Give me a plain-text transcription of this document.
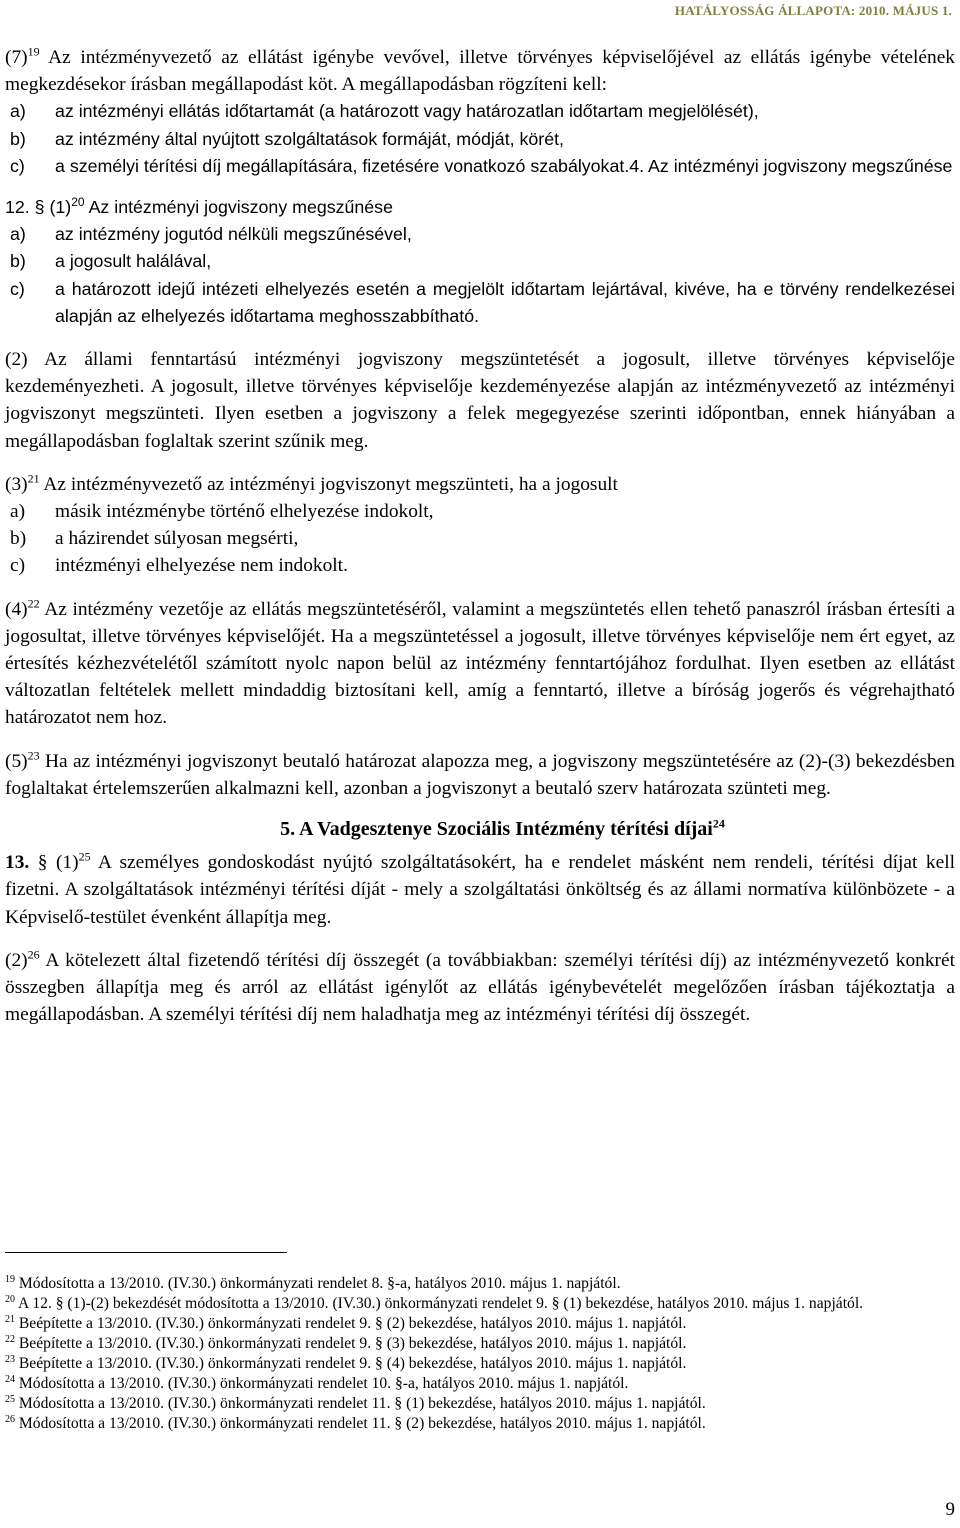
HATÁLYOSSÁG ÁLLAPOTA: 2010. MÁJUS 1.

$(7)^{19}$ Az intézményvezető az ellátást igénybe vevővel, illetve törvényes képviselőjével az ellátás igénybe vételének megkezdésekor írásban megállapodást köt. A megállapodásban rögzíteni kell:

a)	az intézményi ellátás időtartamát (a határozott vagy határozatlan időtartam megjelölését),
b)	az intézmény által nyújtott szolgáltatások formáját, módját, körét,
c)	a személyi térítési díj megállapítására, fizetésére vonatkozó szabályokat.4. Az intézményi jogviszony megszűnése

12. § $(1)^{20}$ Az intézményi jogviszony megszűnése

a)	az intézmény jogutód nélküli megszűnésével,
b)	a jogosult halálával,
c)	a határozott idejű intézeti elhelyezés esetén a megjelölt időtartam lejártával, kivéve, ha e törvény rendelkezései alapján az elhelyezés időtartama meghosszabbítható.

(2) Az állami fenntartású intézményi jogviszony megszüntetését a jogosult, illetve törvényes képviselője kezdeményezheti. A jogosult, illetve törvényes képviselője kezdeményezése alapján az intézményvezető az intézményi jogviszonyt megszünteti. Ilyen esetben a jogviszony a felek megegyezése szerinti időpontban, ennek hiányában a megállapodásban foglaltak szerint szűnik meg.

$(3)^{21}$ Az intézményvezető az intézményi jogviszonyt megszünteti, ha a jogosult

a)	másik intézménybe történő elhelyezése indokolt,
b)	a házirendet súlyosan megsérti,
c)	intézményi elhelyezése nem indokolt.

$(4)^{22}$ Az intézmény vezetője az ellátás megszüntetéséről, valamint a megszüntetés ellen tehető panaszról írásban értesíti a jogosultat, illetve törvényes képviselőjét. Ha a megszüntetéssel a jogosult, illetve törvényes képviselője nem ért egyet, az értesítés kézhezvételétől számított nyolc napon belül az intézmény fenntartójához fordulhat. Ilyen esetben az ellátást változatlan feltételek mellett mindaddig biztosítani kell, amíg a fenntartó, illetve a bíróság jogerős és végrehajtható határozatot nem hoz.

$(5)^{23}$ Ha az intézményi jogviszonyt beutaló határozat alapozza meg, a jogviszony megszüntetésére az (2)-(3) bekezdésben foglaltakat értelemszerűen alkalmazni kell, azonban a jogviszonyt a beutaló szerv határozata szünteti meg.

5. A Vadgesztenye Szociális Intézmény térítési díjai$^{24}$

13. § $(1)^{25}$ A személyes gondoskodást nyújtó szolgáltatásokért, ha e rendelet másként nem rendeli, térítési díjat kell fizetni. A szolgáltatások intézményi térítési díját - mely a szolgáltatási önköltség és az állami normatíva különbözete - a Képviselő-testület évenként állapítja meg.

$(2)^{26}$ A kötelezett által fizetendő térítési díj összegét (a továbbiakban: személyi térítési díj) az intézményvezető konkrét összegben állapítja meg és arról az ellátást igénylőt az ellátás igénybevételét megelőzően írásban tájékoztatja a megállapodásban. A személyi térítési díj nem haladhatja meg az intézményi térítési díj összegét.

$^{19}$ Módosította a 13/2010. (IV.30.) önkormányzati rendelet 8. §-a, hatályos 2010. május 1. napjától.
$^{20}$ A 12. § (1)-(2) bekezdését módosította a 13/2010. (IV.30.) önkormányzati rendelet 9. § (1) bekezdése, hatályos 2010. május 1. napjától.
$^{21}$ Beépítette a 13/2010. (IV.30.) önkormányzati rendelet 9. § (2) bekezdése, hatályos 2010. május 1. napjától.
$^{22}$ Beépítette a 13/2010. (IV.30.) önkormányzati rendelet 9. § (3) bekezdése, hatályos 2010. május 1. napjától.
$^{23}$ Beépítette a 13/2010. (IV.30.) önkormányzati rendelet 9. § (4) bekezdése, hatályos 2010. május 1. napjától.
$^{24}$ Módosította a 13/2010. (IV.30.) önkormányzati rendelet 10. §-a, hatályos 2010. május 1. napjától.
$^{25}$ Módosította a 13/2010. (IV.30.) önkormányzati rendelet 11. § (1) bekezdése, hatályos 2010. május 1. napjától.
$^{26}$ Módosította a 13/2010. (IV.30.) önkormányzati rendelet 11. § (2) bekezdése, hatályos 2010. május 1. napjától.
9
